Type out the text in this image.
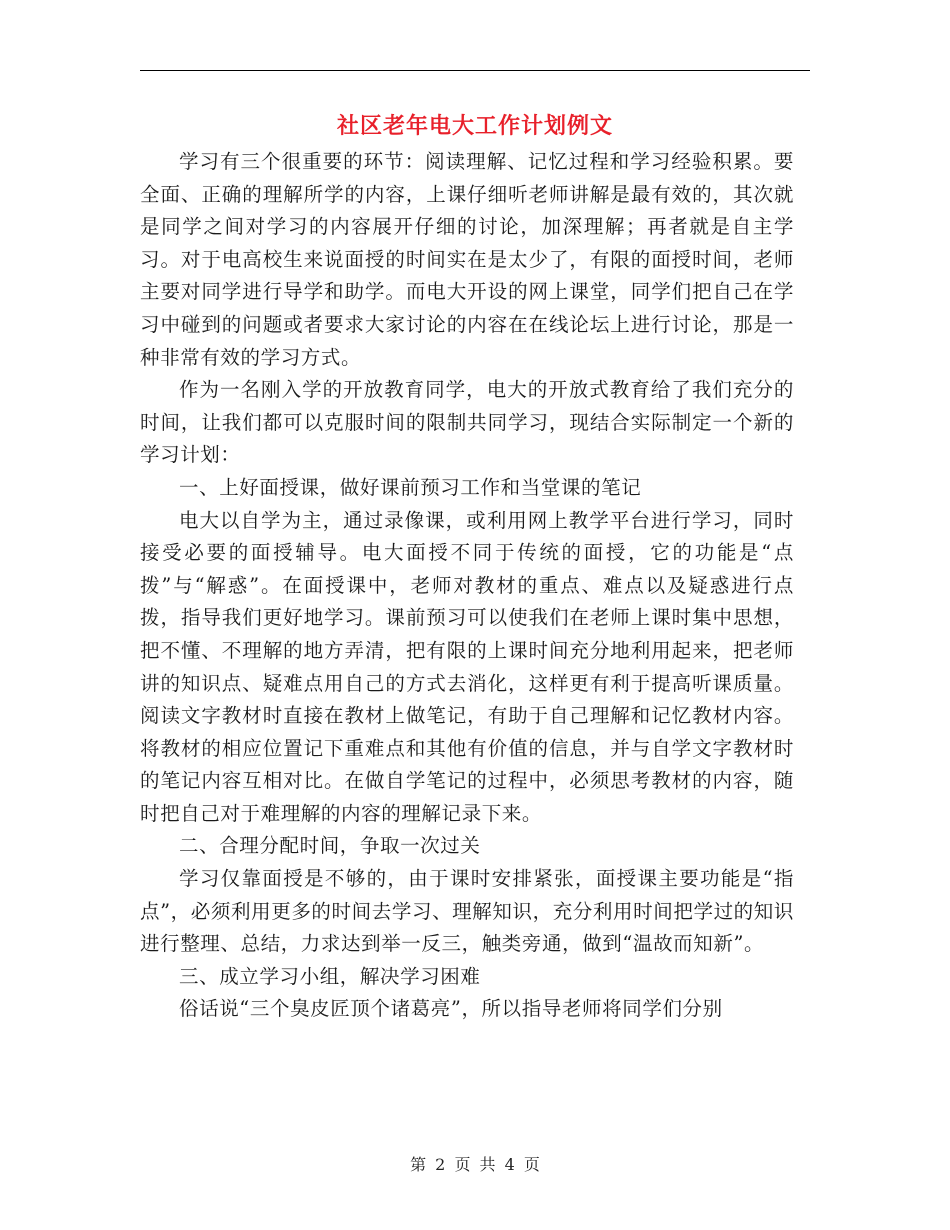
社区老年电大工作计划例文

学习有三个很重要的环节：阅读理解、记忆过程和学习经验积累。要全面、正确的理解所学的内容，上课仔细听老师讲解是最有效的，其次就是同学之间对学习的内容展开仔细的讨论，加深理解；再者就是自主学习。对于电高校生来说面授的时间实在是太少了，有限的面授时间，老师主要对同学进行导学和助学。而电大开设的网上课堂，同学们把自己在学习中碰到的问题或者要求大家讨论的内容在在线论坛上进行讨论，那是一种非常有效的学习方式。

作为一名刚入学的开放教育同学，电大的开放式教育给了我们充分的时间，让我们都可以克服时间的限制共同学习，现结合实际制定一个新的学习计划：

一、上好面授课，做好课前预习工作和当堂课的笔记

电大以自学为主，通过录像课，或利用网上教学平台进行学习，同时接受必要的面授辅导。电大面授不同于传统的面授，它的功能是“点拨”与“解惑”。在面授课中，老师对教材的重点、难点以及疑惑进行点拨，指导我们更好地学习。课前预习可以使我们在老师上课时集中思想，把不懂、不理解的地方弄清，把有限的上课时间充分地利用起来，把老师讲的知识点、疑难点用自己的方式去消化，这样更有利于提高听课质量。阅读文字教材时直接在教材上做笔记，有助于自己理解和记忆教材内容。将教材的相应位置记下重难点和其他有价值的信息，并与自学文字教材时的笔记内容互相对比。在做自学笔记的过程中，必须思考教材的内容，随时把自己对于难理解的内容的理解记录下来。

二、合理分配时间，争取一次过关

学习仅靠面授是不够的，由于课时安排紧张，面授课主要功能是“指点”，必须利用更多的时间去学习、理解知识，充分利用时间把学过的知识进行整理、总结，力求达到举一反三，触类旁通，做到“温故而知新”。

三、成立学习小组，解决学习困难

俗话说“三个臭皮匠顶个诸葛亮”，所以指导老师将同学们分别

第 2 页 共 4 页
